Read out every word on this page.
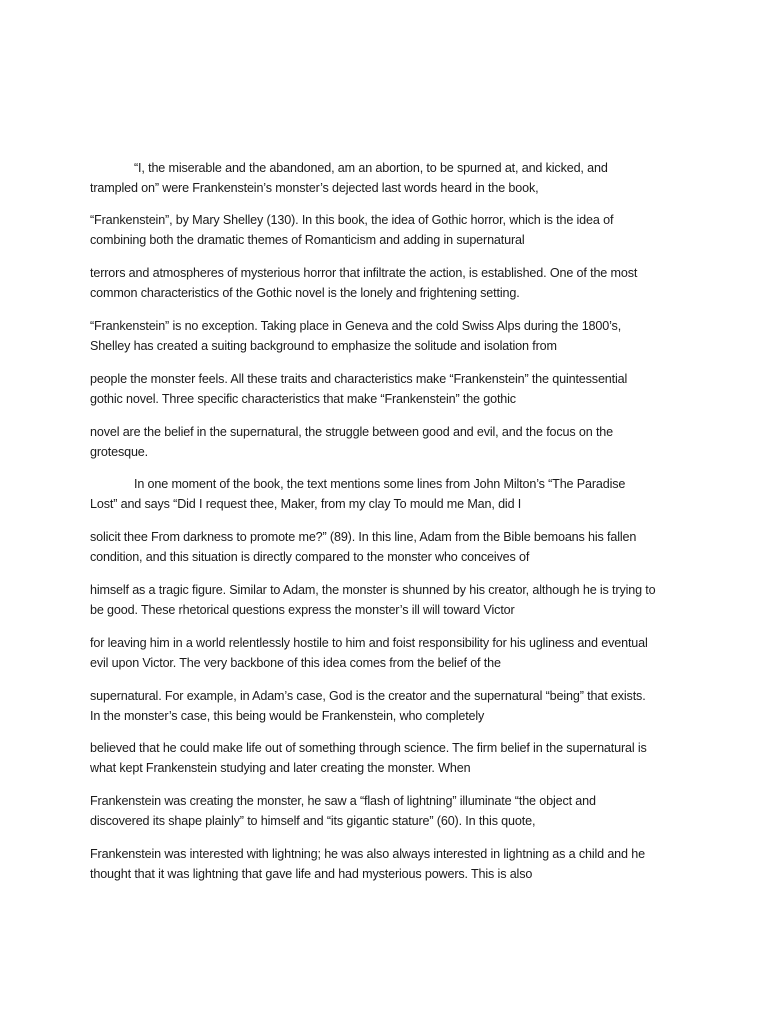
“I, the miserable and the abandoned, am an abortion, to be spurned at, and kicked, and
trampled on” were Frankenstein’s monster’s dejected last words heard in the book,
“Frankenstein”, by Mary Shelley (130). In this book, the idea of Gothic horror, which is the idea of
combining both the dramatic themes of Romanticism and adding in supernatural
terrors and atmospheres of mysterious horror that infiltrate the action, is established. One of the most
common characteristics of the Gothic novel is the lonely and frightening setting.
“Frankenstein” is no exception. Taking place in Geneva and the cold Swiss Alps during the 1800’s,
Shelley has created a suiting background to emphasize the solitude and isolation from
people the monster feels. All these traits and characteristics make “Frankenstein” the quintessential
gothic novel. Three specific characteristics that make “Frankenstein” the gothic
novel are the belief in the supernatural, the struggle between good and evil, and the focus on the
grotesque.
In one moment of the book, the text mentions some lines from John Milton’s “The Paradise
Lost” and says “Did I request thee, Maker, from my clay To mould me Man, did I
solicit thee From darkness to promote me?” (89). In this line, Adam from the Bible bemoans his fallen
condition, and this situation is directly compared to the monster who conceives of
himself as a tragic figure. Similar to Adam, the monster is shunned by his creator, although he is trying to
be good. These rhetorical questions express the monster’s ill will toward Victor
for leaving him in a world relentlessly hostile to him and foist responsibility for his ugliness and eventual
evil upon Victor. The very backbone of this idea comes from the belief of the
supernatural. For example, in Adam’s case, God is the creator and the supernatural “being” that exists.
In the monster’s case, this being would be Frankenstein, who completely
believed that he could make life out of something through science. The firm belief in the supernatural is
what kept Frankenstein studying and later creating the monster. When
Frankenstein was creating the monster, he saw a “flash of lightning” illuminate “the object and
discovered its shape plainly” to himself and “its gigantic stature” (60). In this quote,
Frankenstein was interested with lightning; he was also always interested in lightning as a child and he
thought that it was lightning that gave life and had mysterious powers. This is also
